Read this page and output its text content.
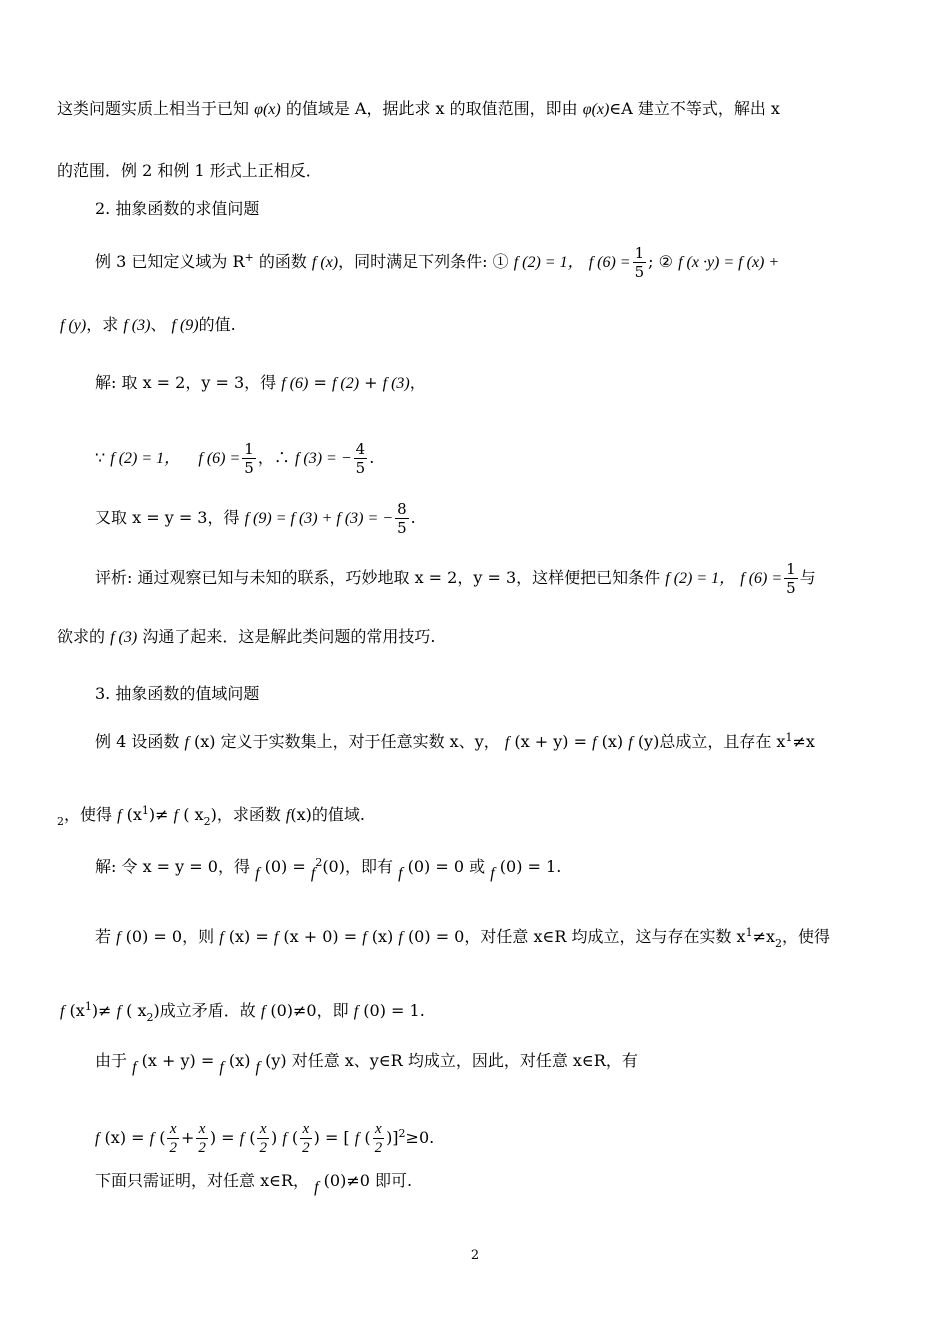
这类问题实质上相当于已知 φ(x) 的值域是 A，据此求 x 的取值范围，即由 φ(x)∈A 建立不等式，解出 x
的范围．例 2 和例 1 形式上正相反．
2. 抽象函数的求值问题
例 3 已知定义域为 R+ 的函数 f (x)，同时满足下列条件: ① f (2) = 1， f $(6) = \frac{1}{5}$ ; ② f (x ·y) = f (x) +
f (y)，求 f (3)、 f (9)的值.
解: 取 x = 2，y = 3，得 f (6) = f (2) + f (3)，
∵ f (2) = 1， f $(6) = \frac{1}{5}$ ，∴ f (3) = − $\frac{4}{5}$ .
又取 x = y = 3，得 f (9) = f (3) + f (3) = − $\frac{8}{5}$ .
评析: 通过观察已知与未知的联系，巧妙地取 x = 2，y = 3，这样便把已知条件 f (2) = 1， f $(6) = \frac{1}{5}$ 与
欲求的 f (3) 沟通了起来．这是解此类问题的常用技巧.
3. 抽象函数的值域问题
例 4 设函数 f (x) 定义于实数集上，对于任意实数 x、y， f (x + y) = f (x) f (y)总成立，且存在 $x^1\ne x$
$_2$，使得 f $(x^1)\ne f$ ( $x_2$)，求函数 f(x)的值域.
解: 令 x = y = 0，得 f $(0) = f^2(0)$，即有 f (0) = 0 或 f (0) = 1.
若 f (0) = 0，则 f (x) = f (x + 0) = f (x) f (0) = 0，对任意 x∈R 均成立，这与存在实数 $x^1\ne x_2$，使得
f $(x^1)\ne f$ ( $x_2$)成立矛盾．故 f (0)≠0，即 f (0) = 1.
由于 f (x + y) = f (x) f (y) 对任意 x、y∈R 均成立，因此，对任意 x∈R，有
f (x) = f ( $\frac{x}{2} + \frac{x}{2}$ ) = f ( $\frac{x}{2}$ ) f ( $\frac{x}{2}$ ) = [ f ( $\frac{x}{2} )]^2\ge 0$.
下面只需证明，对任意 x∈R， f (0)≠0 即可.
2
